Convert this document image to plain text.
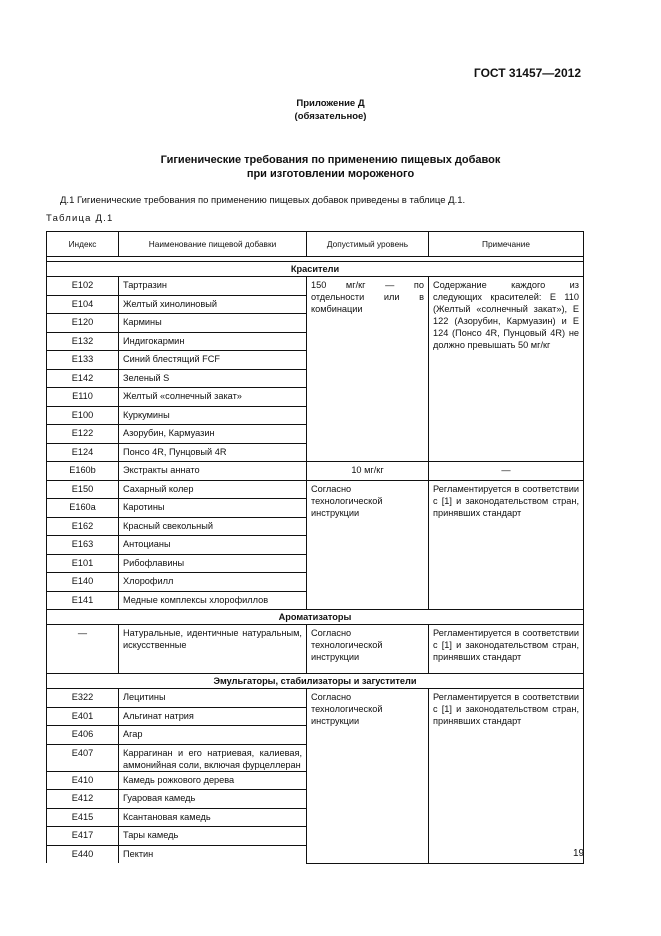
ГОСТ 31457—2012
Приложение Д
(обязательное)
Гигиенические требования по применению пищевых добавок
при изготовлении мороженого
Д.1 Гигиенические требования по применению пищевых добавок приведены в таблице Д.1.
Таблица Д.1
Индекс	Наименование пищевой добавки	Допустимый уровень	Примечание

Красители			
E102	Тартразин	150 мг/кг — по отдельности или в комбинации	Содержание каждого из следующих красителей: Е 110 (Желтый «солнечный закат»), Е 122 (Азорубин, Кармуазин) и Е 124 (Понсо 4R, Пунцовый 4R) не должно превышать 50 мг/кг
E104	Желтый хинолиновый		
E120	Кармины		
E132	Индигокармин		
E133	Синий блестящий FCF		
E142	Зеленый S		
E110	Желтый «солнечный закат»		
E100	Куркумины		
E122	Азорубин, Кармуазин		
E124	Понсо 4R, Пунцовый 4R		
E160b	Экстракты аннато	10 мг/кг	—
E150	Сахарный колер	Согласно технологической инструкции	Регламентируется в соответствии с [1] и законодательством стран, принявших стандарт
E160a	Каротины		
E162	Красный свекольный		
E163	Антоцианы		
E101	Рибофлавины		
E140	Хлорофилл		
E141	Медные комплексы хлорофиллов		
Ароматизаторы			
—	Натуральные, идентичные натуральным, искусственные	Согласно технологической инструкции	Регламентируется в соответствии с [1] и законодательством стран, принявших стандарт
Эмульгаторы, стабилизаторы и загустители			
E322	Лецитины	Согласно технологической инструкции	Регламентируется в соответствии с [1] и законодательством стран, принявших стандарт
E401	Альгинат натрия		
E406	Агар		
E407	Каррагинан и его натриевая, калиевая, аммонийная соли, включая фурцеллеран		
E410	Камедь рожкового дерева		
E412	Гуаровая камедь		
E415	Ксантановая камедь		
E417	Тары камедь		
E440	Пектин			19
